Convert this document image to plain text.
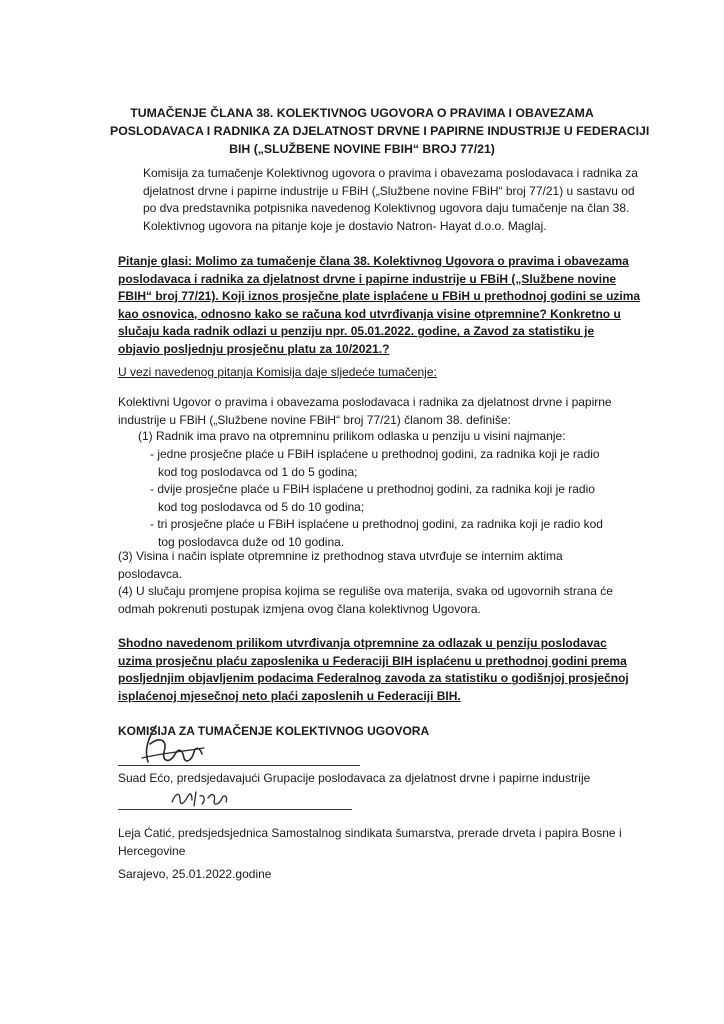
TUMAČENJE ČLANA 38. KOLEKTIVNOG UGOVORA O PRAVIMA I OBAVEZAMA
POSLODAVACA I RADNIKA ZA DJELATNOST DRVNE I PAPIRNE INDUSTRIJE U FEDERACIJI
BIH („SLUŽBENE NOVINE FBIH“ BROJ 77/21)
Komisija za tumačenje Kolektivnog ugovora o pravima i obavezama poslodavaca i radnika za
djelatnost drvne i papirne industrije u FBiH („Službene novine FBiH“ broj 77/21) u sastavu od
po dva predstavnika potpisnika navedenog Kolektivnog ugovora daju tumačenje na član 38.
Kolektivnog ugovora na pitanje koje je dostavio Natron- Hayat d.o.o. Maglaj.
Pitanje glasi: Molimo za tumačenje člana 38. Kolektivnog Ugovora o pravima i obavezama
poslodavaca i radnika za djelatnost drvne i papirne industrije u FBiH („Službene novine
FBIH“ broj 77/21). Koji iznos prosječne plate isplaćene u FBiH u prethodnoj godini se uzima
kao osnovica, odnosno kako se računa kod utvrđivanja visine otpremnine? Konkretno u
slučaju kada radnik odlazi u penziju npr. 05.01.2022. godine, a Zavod za statistiku je
objavio posljednju prosječnu platu za 10/2021.?
U vezi navedenog pitanja Komisija daje sljedeće tumačenje:
Kolektivni Ugovor o pravima i obavezama poslodavaca i radnika za djelatnost drvne i papirne
industrije u FBiH („Službene novine FBiH“ broj 77/21) članom 38. definiše:
(1) Radnik ima pravo na otpremninu prilikom odlaska u penziju u visini najmanje:
- jedne prosječne plaće u FBiH isplaćene u prethodnoj godini, za radnika koji je radio
kod tog poslodavca od 1 do 5 godina;
- dvije prosječne plaće u FBiH isplaćene u prethodnoj godini, za radnika koji je radio
kod tog poslodavca od 5 do 10 godina;
- tri prosječne plaće u FBiH isplaćene u prethodnoj godini, za radnika koji je radio kod
tog poslodavca duže od 10 godina.
(3) Visina i način isplate otpremnine iz prethodnog stava utvrđuje se internim aktima
poslodavca.
(4) U slučaju promjene propisa kojima se reguliše ova materija, svaka od ugovornih strana će
odmah pokrenuti postupak izmjena ovog člana kolektivnog Ugovora.
Shodno navedenom prilikom utvrđivanja otpremnine za odlazak u penziju poslodavac
uzima prosječnu plaću zaposlenika u Federaciji BIH isplaćenu u prethodnoj godini prema
posljednjim objavljenim podacima Federalnog zavoda za statistiku o godišnjoj prosječnoj
isplaćenoj mjesečnoj neto plaći zaposlenih u Federaciji BIH.
KOMISIJA ZA TUMAČENJE KOLEKTIVNOG UGOVORA
Suad Ećo, predsjedavajući Grupacije poslodavaca za djelatnost drvne i papirne industrije
Leja Ćatić, predsjedsjednica Samostalnog sindikata šumarstva, prerade drveta i papira Bosne i Hercegovine
Sarajevo, 25.01.2022.godine
